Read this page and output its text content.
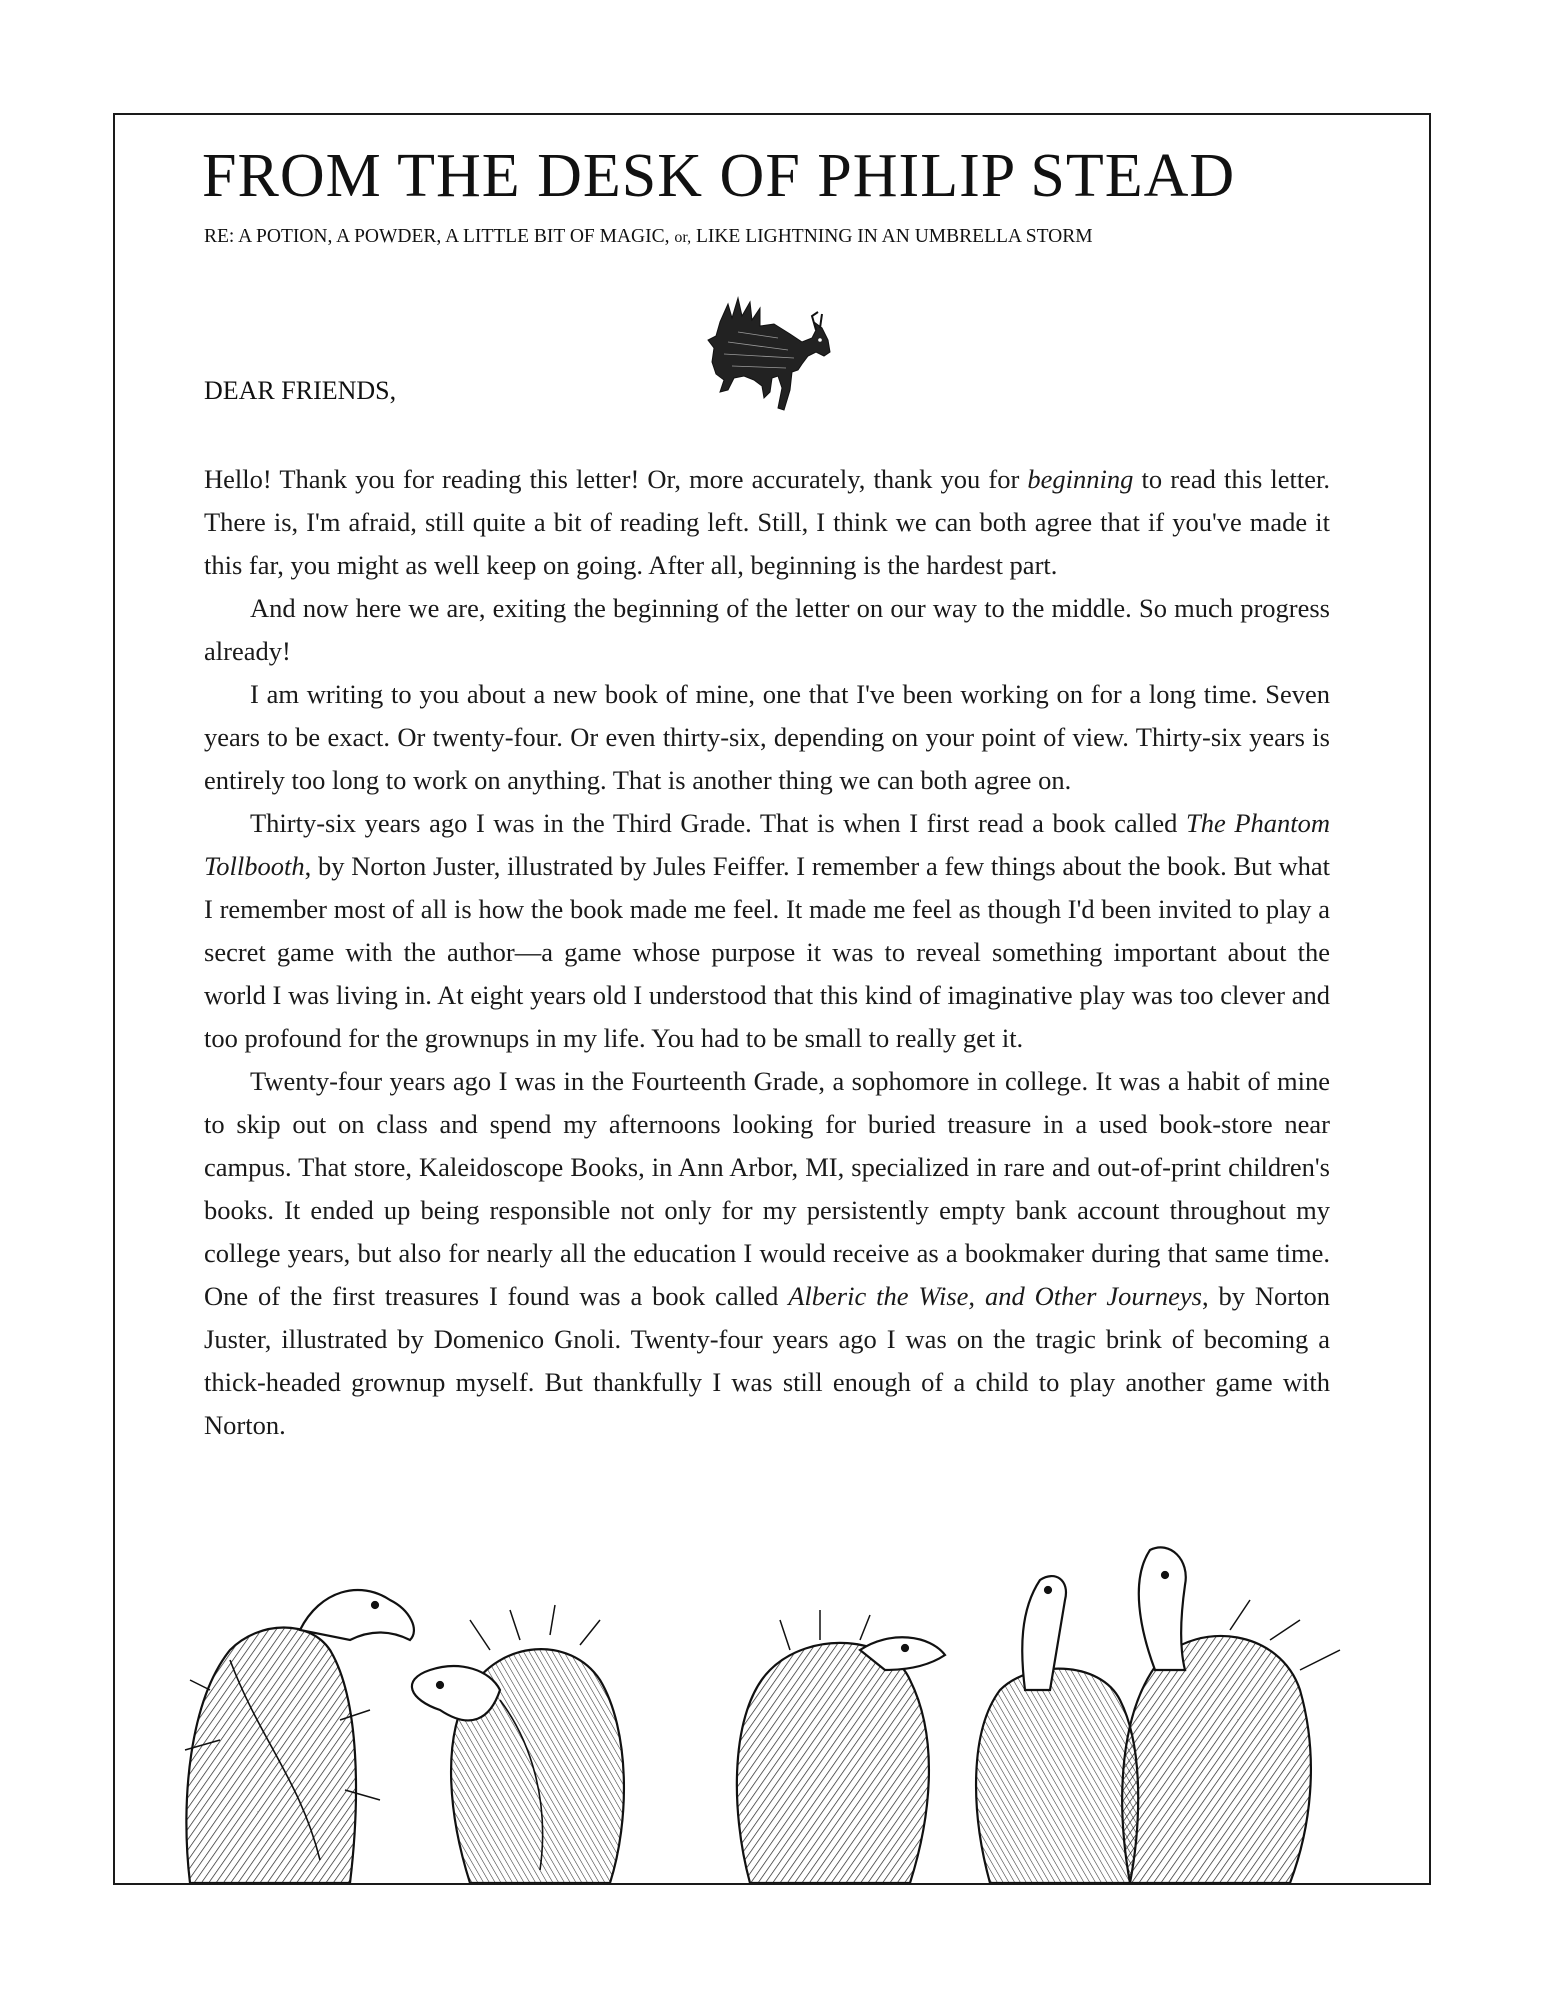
FROM THE DESK OF PHILIP STEAD
RE: A POTION, A POWDER, A LITTLE BIT OF MAGIC, or, LIKE LIGHTNING IN AN UMBRELLA STORM
DEAR FRIENDS,

Hello! Thank you for reading this letter! Or, more accurately, thank you for beginning to read this letter. There is, I'm afraid, still quite a bit of reading left. Still, I think we can both agree that if you've made it this far, you might as well keep on going. After all, beginning is the hardest part.

And now here we are, exiting the beginning of the letter on our way to the middle. So much progress already!

I am writing to you about a new book of mine, one that I've been working on for a long time. Seven years to be exact. Or twenty-four. Or even thirty-six, depending on your point of view. Thirty-six years is entirely too long to work on anything. That is another thing we can both agree on.

Thirty-six years ago I was in the Third Grade. That is when I first read a book called The Phantom Tollbooth, by Norton Juster, illustrated by Jules Feiffer. I remember a few things about the book. But what I remember most of all is how the book made me feel. It made me feel as though I'd been invited to play a secret game with the author—a game whose purpose it was to reveal something important about the world I was living in. At eight years old I understood that this kind of imaginative play was too clever and too profound for the grownups in my life. You had to be small to really get it.

Twenty-four years ago I was in the Fourteenth Grade, a sophomore in college. It was a habit of mine to skip out on class and spend my afternoons looking for buried treasure in a used book-store near campus. That store, Kaleidoscope Books, in Ann Arbor, MI, specialized in rare and out-of-print children's books. It ended up being responsible not only for my persistently empty bank account throughout my college years, but also for nearly all the education I would receive as a bookmaker during that same time. One of the first treasures I found was a book called Alberic the Wise, and Other Journeys, by Norton Juster, illustrated by Domenico Gnoli. Twenty-four years ago I was on the tragic brink of becoming a thick-headed grownup myself. But thankfully I was still enough of a child to play another game with Norton.
